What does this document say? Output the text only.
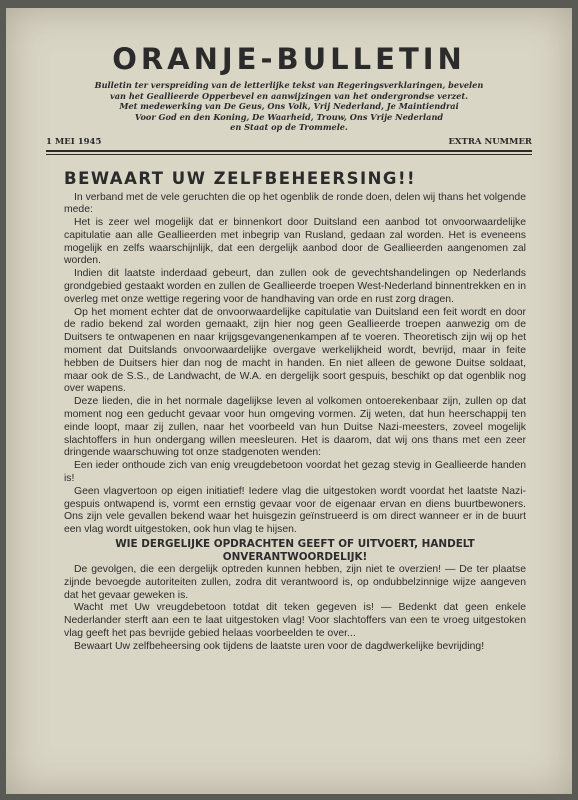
ORANJE-BULLETIN
Bulletin ter verspreiding van de letterlijke tekst van Regeringsverklaringen, bevelen
van het Geallieerde Opperbevel en aanwijzingen van het ondergrondse verzet.
Met medewerking van De Geus, Ons Volk, Vrij Nederland, Je Maintiendrai
Voor God en den Koning, De Waarheid, Trouw, Ons Vrije Nederland
en Staat op de Trommele.
1 MEI 1945	EXTRA NUMMER
BEWAART UW ZELFBEHEERSING!!

In verband met de vele geruchten die op het ogenblik de ronde doen, delen wij thans het volgende mede:

Het is zeer wel mogelijk dat er binnenkort door Duitsland een aanbod tot onvoorwaardelijke capitulatie aan alle Geallieerden met inbegrip van Rusland, gedaan zal worden. Het is eveneens mogelijk en zelfs waarschijnlijk, dat een dergelijk aanbod door de Geallieerden aangenomen zal worden.

Indien dit laatste inderdaad gebeurt, dan zullen ook de gevechtshandelingen op Nederlands grondgebied gestaakt worden en zullen de Geallieerde troepen West-Nederland binnentrekken en in overleg met onze wettige regering voor de handhaving van orde en rust zorg dragen.

Op het moment echter dat de onvoorwaardelijke capitulatie van Duitsland een feit wordt en door de radio bekend zal worden gemaakt, zijn hier nog geen Geallieerde troepen aanwezig om de Duitsers te ontwapenen en naar krijgsgevangenenkampen af te voeren. Theoretisch zijn wij op het moment dat Duitslands onvoorwaardelijke overgave werkelijkheid wordt, bevrijd, maar in feite hebben de Duitsers hier dan nog de macht in handen. En niet alleen de gewone Duitse soldaat, maar ook de S.S., de Landwacht, de W.A. en dergelijk soort gespuis, beschikt op dat ogenblik nog over wapens.

Deze lieden, die in het normale dagelijkse leven al volkomen ontoerekenbaar zijn, zullen op dat moment nog een geducht gevaar voor hun omgeving vormen. Zij weten, dat hun heerschappij ten einde loopt, maar zij zullen, naar het voorbeeld van hun Duitse Nazi-meesters, zoveel mogelijk slachtoffers in hun ondergang willen meesleuren. Het is daarom, dat wij ons thans met een zeer dringende waarschuwing tot onze stadgenoten wenden:

Een ieder onthoude zich van enig vreugdebetoon voordat het gezag stevig in Geallieerde handen is!

Geen vlagvertoon op eigen initiatief! Iedere vlag die uitgestoken wordt voordat het laatste Nazi-gespuis ontwapend is, vormt een ernstig gevaar voor de eigenaar ervan en diens buurtbewoners. Ons zijn vele gevallen bekend waar het huisgezin geïnstrueerd is om direct wanneer er in de buurt een vlag wordt uitgestoken, ook hun vlag te hijsen.

WIE DERGELIJKE OPDRACHTEN GEEFT OF UITVOERT, HANDELT
ONVERANTWOORDELIJK!

De gevolgen, die een dergelijk optreden kunnen hebben, zijn niet te overzien! — De ter plaatse zijnde bevoegde autoriteiten zullen, zodra dit verantwoord is, op ondubbelzinnige wijze aangeven dat het gevaar geweken is.

Wacht met Uw vreugdebetoon totdat dit teken gegeven is! — Bedenkt dat geen enkele Nederlander sterft aan een te laat uitgestoken vlag! Voor slachtoffers van een te vroeg uitgestoken vlag geeft het pas bevrijde gebied helaas voorbeelden te over...

Bewaart Uw zelfbeheersing ook tijdens de laatste uren voor de dagdwerkelijke bevrijding!
